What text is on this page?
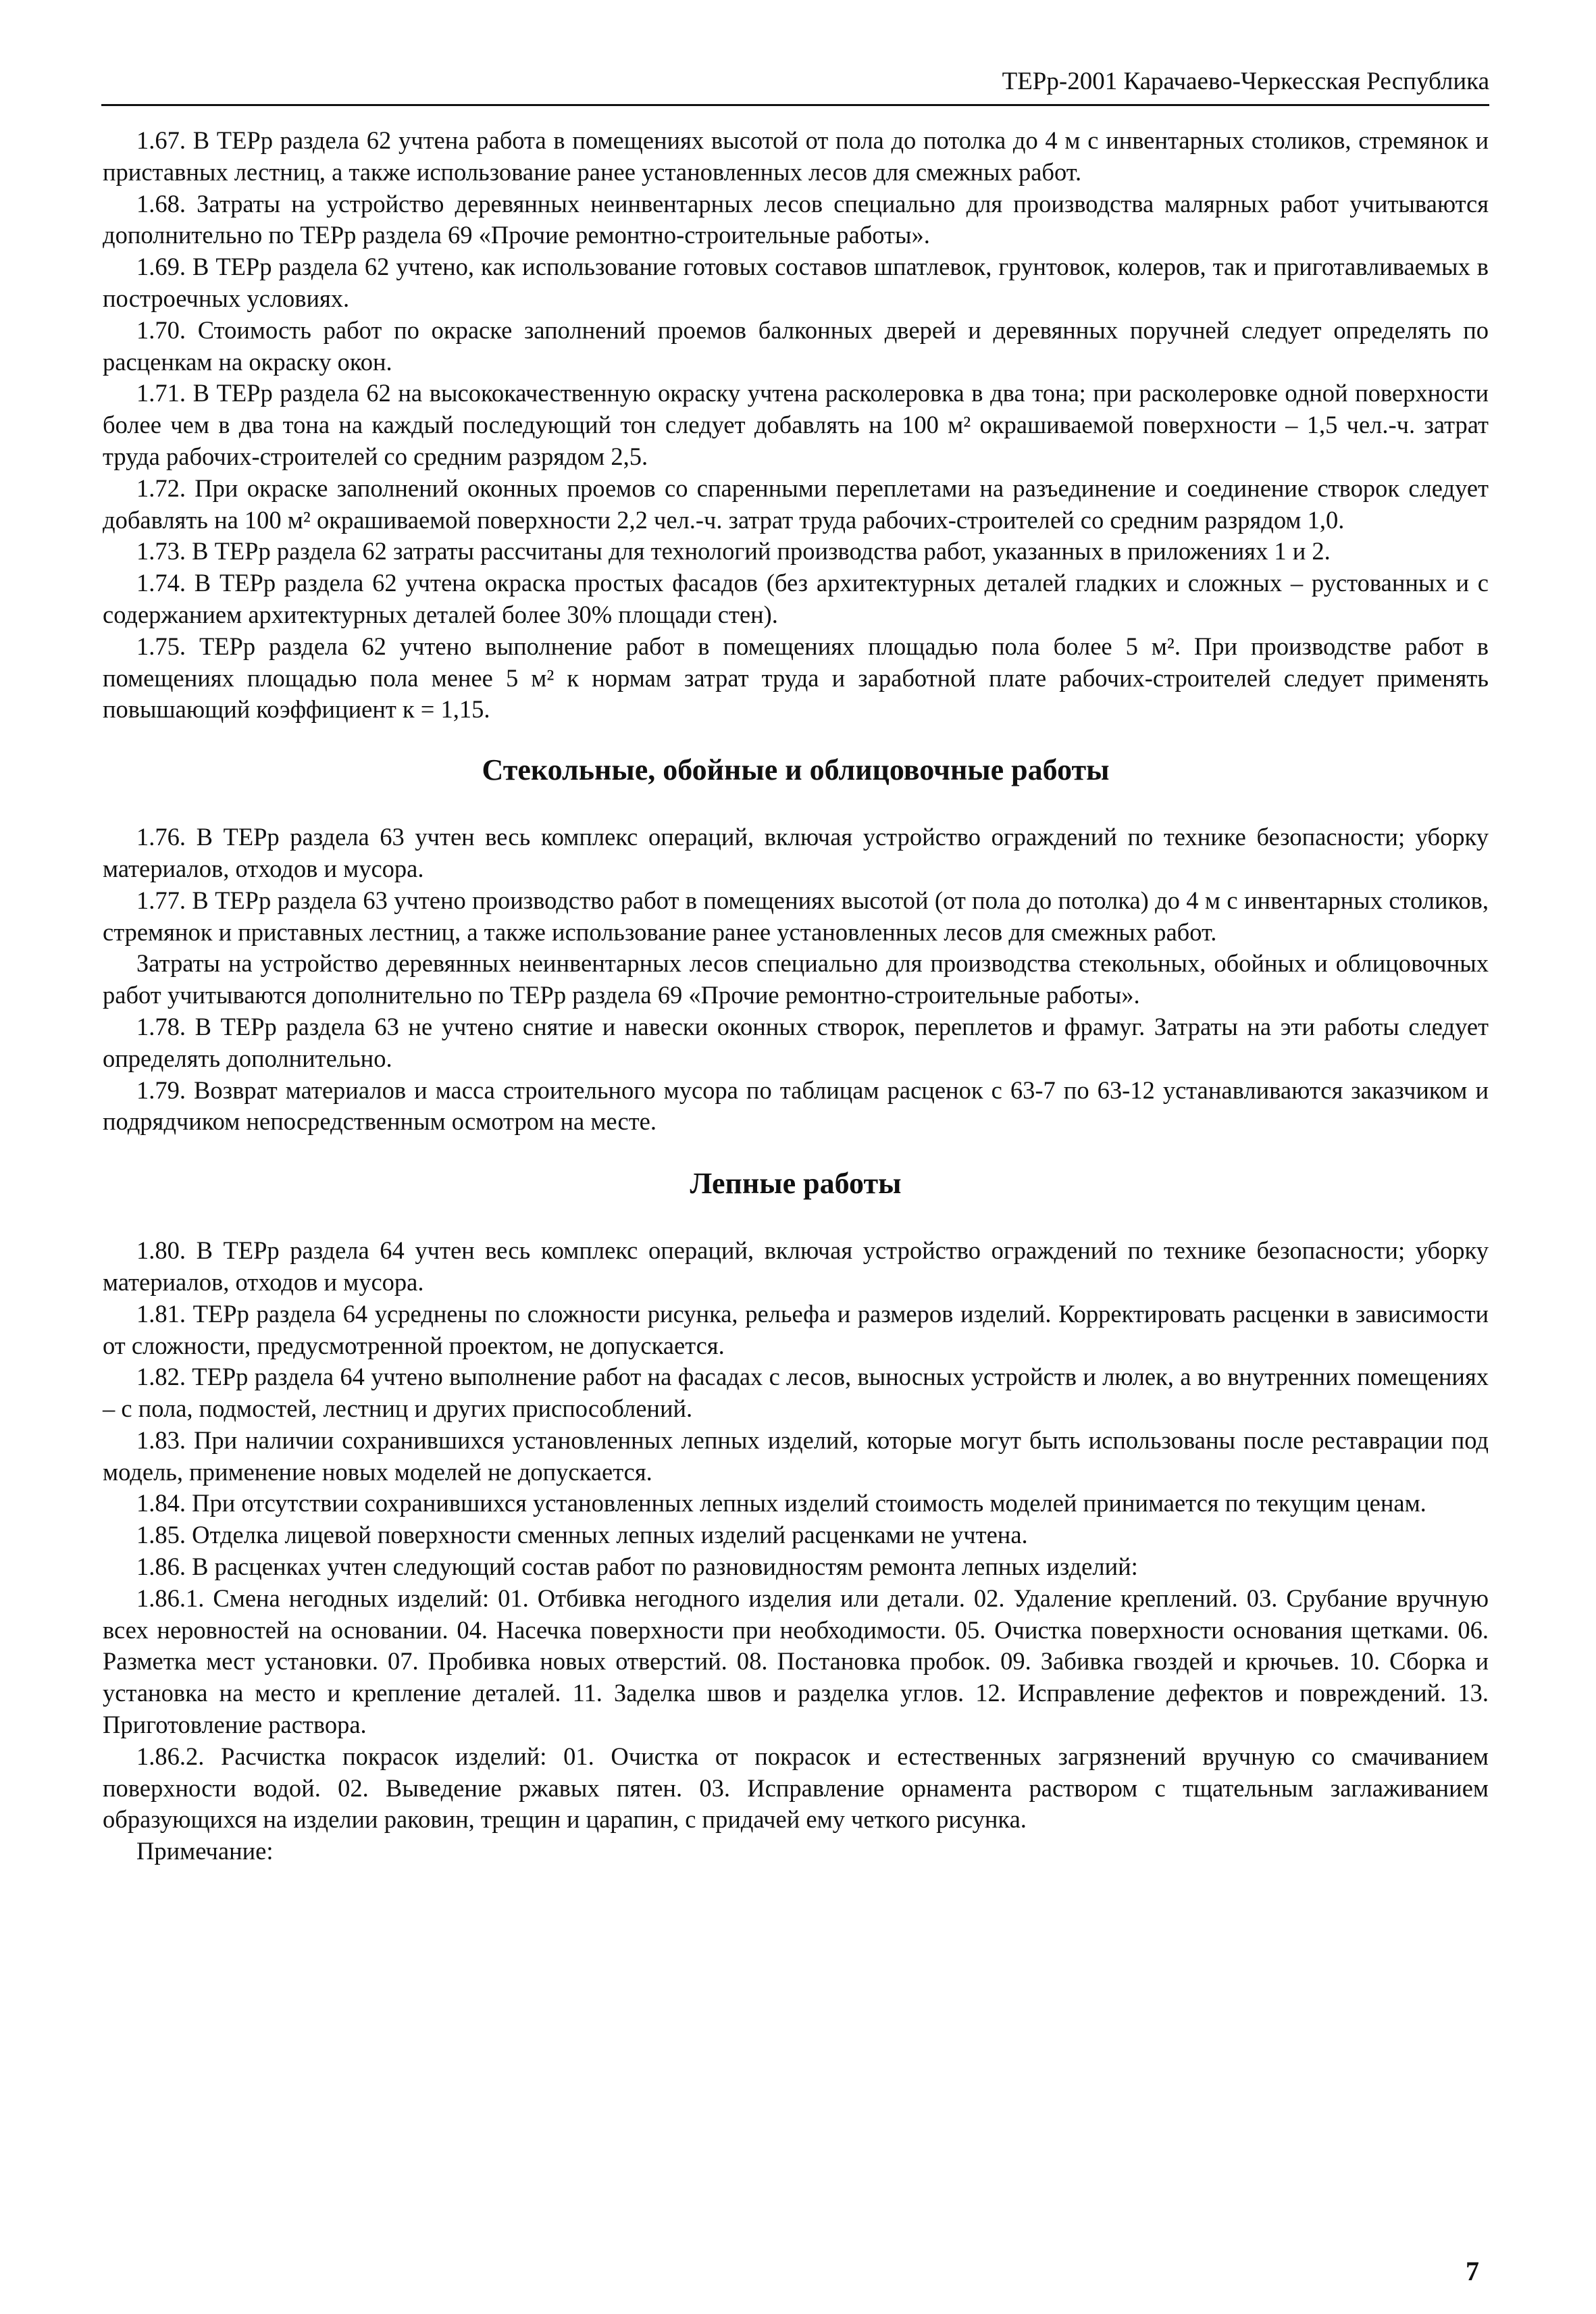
ТЕРр-2001 Карачаево-Черкесская Республика

1.67. В ТЕРр раздела 62 учтена работа в помещениях высотой от пола до потолка до 4 м с инвентарных столиков, стремянок и приставных лестниц, а также использование ранее установленных лесов для смежных работ.

1.68. Затраты на устройство деревянных неинвентарных лесов специально для производства малярных работ учитываются дополнительно по ТЕРр раздела 69 «Прочие ремонтно-строительные работы».

1.69. В ТЕРр раздела 62 учтено, как использование готовых составов шпатлевок, грунтовок, колеров, так и приготавливаемых в построечных условиях.

1.70. Стоимость работ по окраске заполнений проемов балконных дверей и деревянных поручней следует определять по расценкам на окраску окон.

1.71. В ТЕРр раздела 62 на высококачественную окраску учтена расколеровка в два тона; при расколеровке одной поверхности более чем в два тона на каждый последующий тон следует добавлять на 100 м² окрашиваемой поверхности – 1,5 чел.-ч. затрат труда рабочих-строителей со средним разрядом 2,5.

1.72. При окраске заполнений оконных проемов со спаренными переплетами на разъединение и соединение створок следует добавлять на 100 м² окрашиваемой поверхности 2,2 чел.-ч. затрат труда рабочих-строителей со средним разрядом 1,0.

1.73. В ТЕРр раздела 62 затраты рассчитаны для технологий производства работ, указанных в приложениях 1 и 2.

1.74. В ТЕРр раздела 62 учтена окраска простых фасадов (без архитектурных деталей гладких и сложных – рустованных и с содержанием архитектурных деталей более 30% площади стен).

1.75. ТЕРр раздела 62 учтено выполнение работ в помещениях площадью пола более 5 м². При производстве работ в помещениях площадью пола менее 5 м² к нормам затрат труда и заработной плате рабочих-строителей следует применять повышающий коэффициент к = 1,15.

Стекольные, обойные и облицовочные работы

1.76. В ТЕРр раздела 63 учтен весь комплекс операций, включая устройство ограждений по технике безопасности; уборку материалов, отходов и мусора.

1.77. В ТЕРр раздела 63 учтено производство работ в помещениях высотой (от пола до потолка) до 4 м с инвентарных столиков, стремянок и приставных лестниц, а также использование ранее установленных лесов для смежных работ.

Затраты на устройство деревянных неинвентарных лесов специально для производства стекольных, обойных и облицовочных работ учитываются дополнительно по ТЕРр раздела 69 «Прочие ремонтно-строительные работы».

1.78. В ТЕРр раздела 63 не учтено снятие и навески оконных створок, переплетов и фрамуг. Затраты на эти работы следует определять дополнительно.

1.79. Возврат материалов и масса строительного мусора по таблицам расценок с 63-7 по 63-12 устанавливаются заказчиком и подрядчиком непосредственным осмотром на месте.

Лепные работы

1.80. В ТЕРр раздела 64 учтен весь комплекс операций, включая устройство ограждений по технике безопасности; уборку материалов, отходов и мусора.

1.81. ТЕРр раздела 64 усреднены по сложности рисунка, рельефа и размеров изделий. Корректировать расценки в зависимости от сложности, предусмотренной проектом, не допускается.

1.82. ТЕРр раздела 64 учтено выполнение работ на фасадах с лесов, выносных устройств и люлек, а во внутренних помещениях – с пола, подмостей, лестниц и других приспособлений.

1.83. При наличии сохранившихся установленных лепных изделий, которые могут быть использованы после реставрации под модель, применение новых моделей не допускается.

1.84. При отсутствии сохранившихся установленных лепных изделий стоимость моделей принимается по текущим ценам.

1.85. Отделка лицевой поверхности сменных лепных изделий расценками не учтена.

1.86. В расценках учтен следующий состав работ по разновидностям ремонта лепных изделий:

1.86.1. Смена негодных изделий: 01. Отбивка негодного изделия или детали. 02. Удаление креплений. 03. Срубание вручную всех неровностей на основании. 04. Насечка поверхности при необходимости. 05. Очистка поверхности основания щетками. 06. Разметка мест установки. 07. Пробивка новых отверстий. 08. Постановка пробок. 09. Забивка гвоздей и крючьев. 10. Сборка и установка на место и крепление деталей. 11. Заделка швов и разделка углов. 12. Исправление дефектов и повреждений. 13. Приготовление раствора.

1.86.2. Расчистка покрасок изделий: 01. Очистка от покрасок и естественных загрязнений вручную со смачиванием поверхности водой. 02. Выведение ржавых пятен. 03. Исправление орнамента раствором с тщательным заглаживанием образующихся на изделии раковин, трещин и царапин, с придачей ему четкого рисунка.

Примечание:

7
